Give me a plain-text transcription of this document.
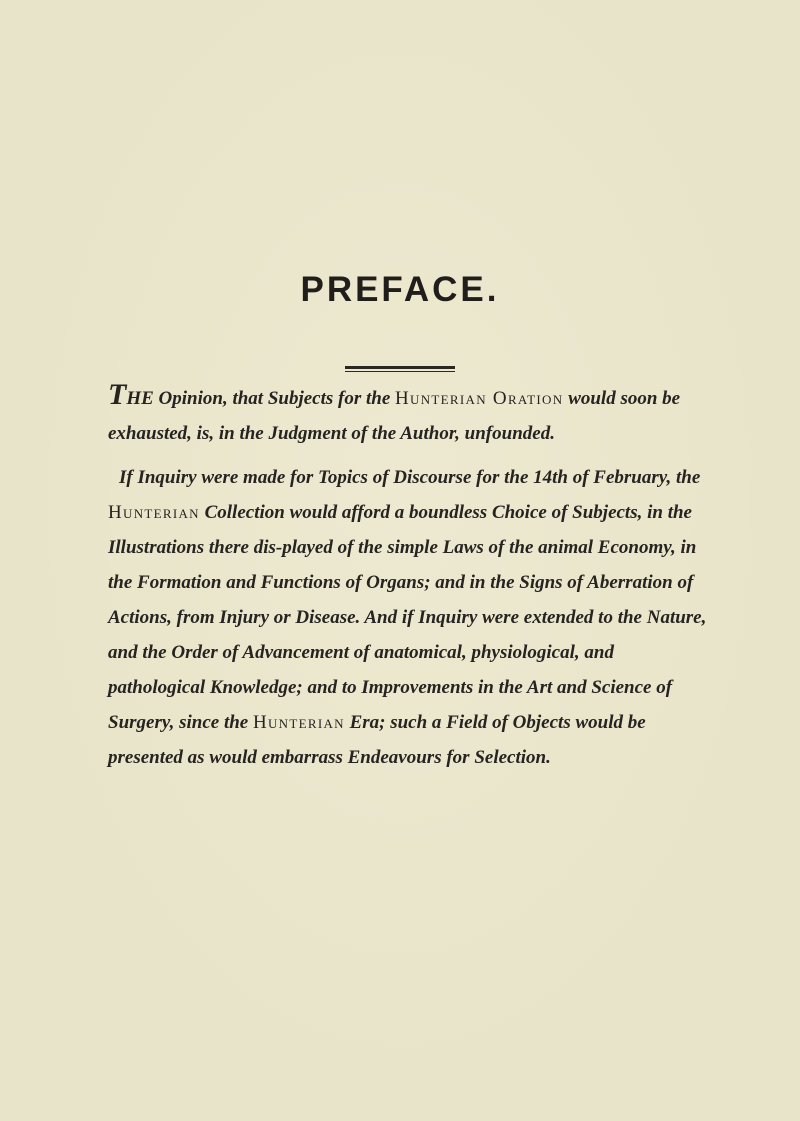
PREFACE.

THE Opinion, that Subjects for the Hunterian Oration would soon be exhausted, is, in the Judgment of the Author, unfounded.

If Inquiry were made for Topics of Discourse for the 14th of February, the Hunterian Collection would afford a boundless Choice of Subjects, in the Illustrations there dis-played of the simple Laws of the animal Economy, in the Formation and Functions of Organs; and in the Signs of Aberration of Actions, from Injury or Disease. And if Inquiry were extended to the Nature, and the Order of Advancement of anatomical, physiological, and pathological Knowledge; and to Improvements in the Art and Science of Surgery, since the Hunterian Era; such a Field of Objects would be presented as would embarrass Endeavours for Selection.
